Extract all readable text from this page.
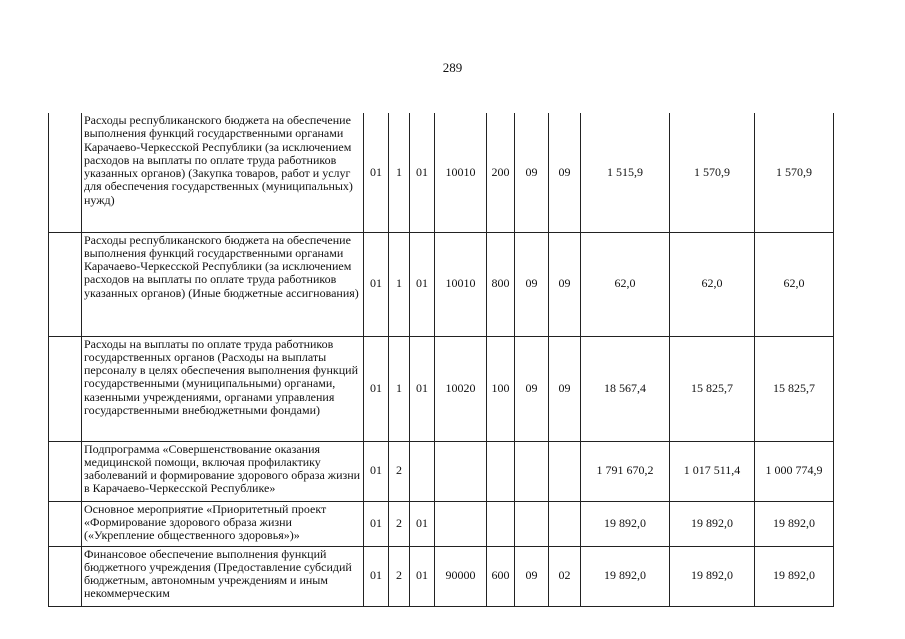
289
	Расходы республиканского бюджета на обеспечение выполнения функций государственными органами Карачаево-Черкесской Республики (за исключением расходов на выплаты по оплате труда работников указанных органов) (Закупка товаров, работ и услуг для обеспечения государственных (муниципальных) нужд)	01	1	01	10010	200	09	09	1 515,9	1 570,9	1 570,9
	Расходы республиканского бюджета на обеспечение выполнения функций государственными органами Карачаево-Черкесской Республики (за исключением расходов на выплаты по оплате труда работников указанных органов) (Иные бюджетные ассигнования)	01	1	01	10010	800	09	09	62,0	62,0	62,0
	Расходы на выплаты по оплате труда работников государственных органов (Расходы на выплаты персоналу в целях обеспечения выполнения функций государственными (муниципальными) органами, казенными учреждениями, органами управления государственными внебюджетными фондами)	01	1	01	10020	100	09	09	18 567,4	15 825,7	15 825,7
	Подпрограмма «Совершенствование оказания медицинской помощи, включая профилактику заболеваний и формирование здорового образа жизни в Карачаево-Черкесской Республике»	01	2						1 791 670,2	1 017 511,4	1 000 774,9
	Основное мероприятие «Приоритетный проект «Формирование здорового образа жизни («Укрепление общественного здоровья»)»	01	2	01					19 892,0	19 892,0	19 892,0
	Финансовое обеспечение выполнения функций бюджетного учреждения (Предоставление субсидий бюджетным, автономным учреждениям и иным некоммерческим	01	2	01	90000	600	09	02	19 892,0	19 892,0	19 892,0
